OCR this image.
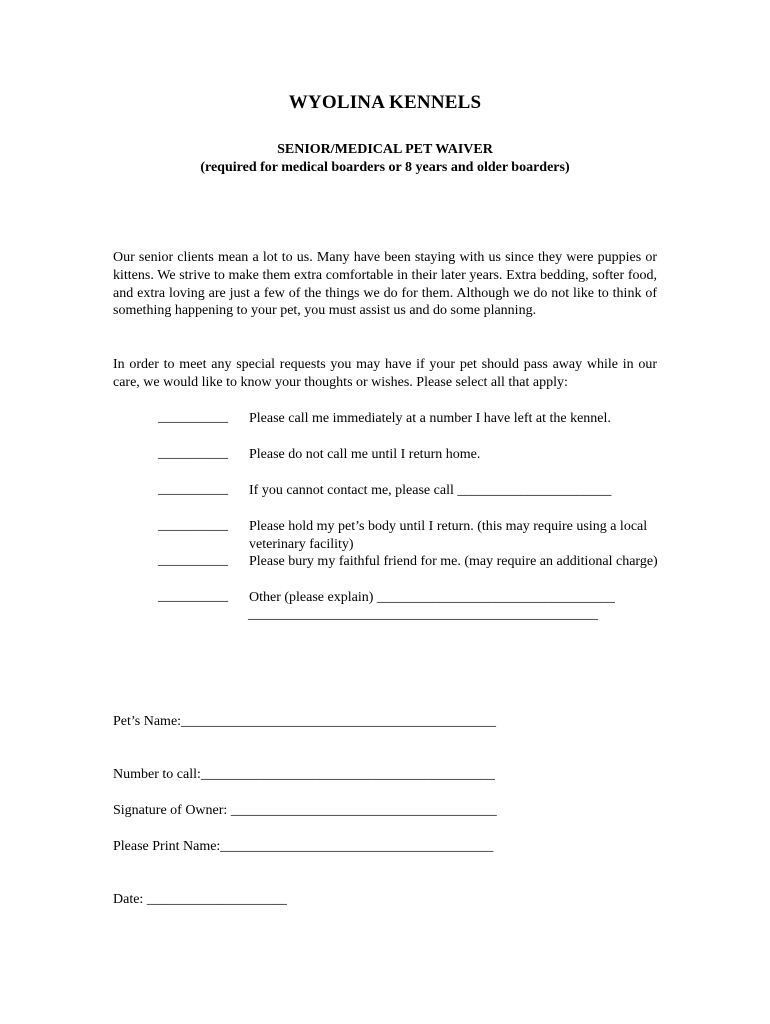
WYOLINA KENNELS
SENIOR/MEDICAL PET WAIVER
(required for medical boarders or 8 years and older boarders)

Our senior clients mean a lot to us. Many have been staying with us since they were puppies or kittens. We strive to make them extra comfortable in their later years. Extra bedding, softer food, and extra loving are just a few of the things we do for them. Although we do not like to think of something happening to your pet, you must assist us and do some planning.

In order to meet any special requests you may have if your pet should pass away while in our care, we would like to know your thoughts or wishes. Please select all that apply:

__________	Please call me immediately at a number I have left at the kennel.
__________	Please do not call me until I return home.
__________	If you cannot contact me, please call ______________________
__________	Please hold my pet’s body until I return. (this may require using a local veterinary facility)
__________	Please bury my faithful friend for me. (may require an additional charge)
__________	Other (please explain) __________________________________
__________________________________________________
Pet’s Name:_____________________________________________
Number to call:__________________________________________
Signature of Owner: ______________________________________
Please Print Name:_______________________________________
Date: ____________________
